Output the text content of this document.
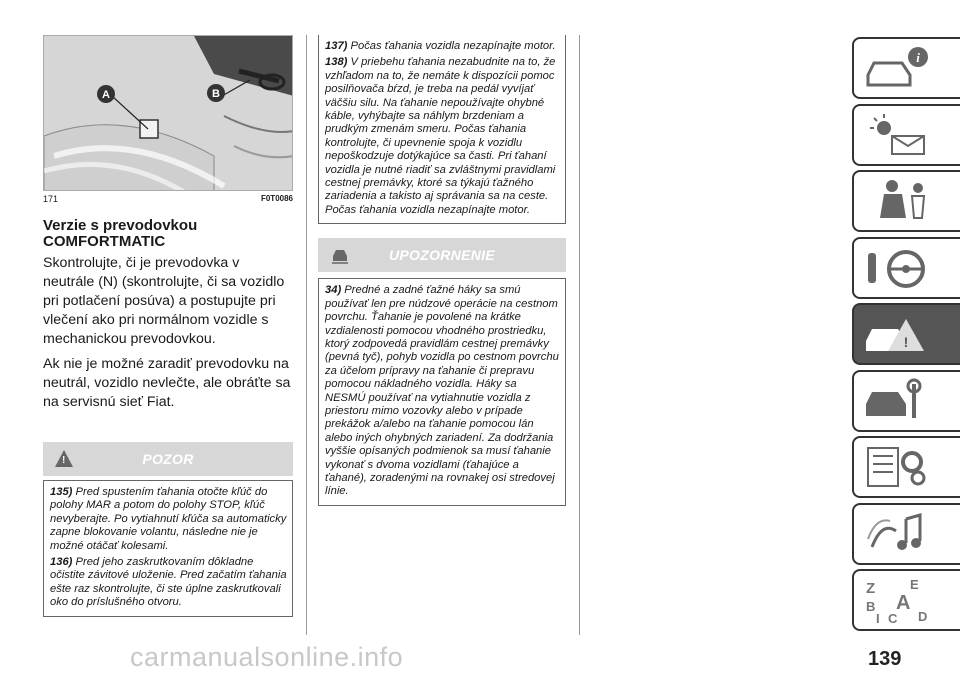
A	B
171	F0T0086
Verzie s prevodovkou
COMFORTMATIC

Skontrolujte, či je prevodovka v neutrále (N) (skontrolujte, či sa vozidlo pri potlačení posúva) a postupujte pri vlečení ako pri normálnom vozidle s mechanickou prevodovkou.

Ak nie je možné zaradiť prevodovku na neutrál, vozidlo nevlečte, ale obráťte sa na servisnú sieť Fiat.

!	POZOR

135) Pred spustením ťahania otočte kľúč do polohy MAR a potom do polohy STOP, kľúč nevyberajte. Po vytiahnutí kľúča sa automaticky zapne blokovanie volantu, následne nie je možné otáčať kolesami.

136) Pred jeho zaskrutkovaním dôkladne očistite závitové uloženie. Pred začatím ťahania ešte raz skontrolujte, či ste úplne zaskrutkovali oko do príslušného otvoru.

137) Počas ťahania vozidla nezapínajte motor.

138) V priebehu ťahania nezabudnite na to, že vzhľadom na to, že nemáte k dispozícii pomoc posilňovača bŕzd, je treba na pedál vyvíjať väčšiu silu. Na ťahanie nepoužívajte ohybné káble, vyhýbajte sa náhlym brzdeniam a prudkým zmenám smeru. Počas ťahania kontrolujte, či upevnenie spoja k vozidlu nepoškodzuje dotýkajúce sa časti. Pri ťahaní vozidla je nutné riadiť sa zvláštnymi pravidlami cestnej premávky, ktoré sa týkajú ťažného zariadenia a takisto aj správania sa na ceste. Počas ťahania vozidla nezapínajte motor.

UPOZORNENIE

34) Predné a zadné ťažné háky sa smú používať len pre núdzové operácie na cestnom povrchu. Ťahanie je povolené na krátke vzdialenosti pomocou vhodného prostriedku, ktorý zodpovedá pravidlám cestnej premávky (pevná tyč), pohyb vozidla po cestnom povrchu za účelom prípravy na ťahanie či prepravu pomocou nákladného vozidla. Háky sa NESMÚ používať na vytiahnutie vozidla z priestoru mimo vozovky alebo v prípade prekážok a/alebo na ťahanie pomocou lán alebo iných ohybných zariadení. Za dodržania vyššie opísaných podmienok sa musí ťahanie vykonať s dvoma vozidlami (ťahajúce a ťahané), zoradenými na rovnakej osi stredovej línie.

i
!
Z	E
B A
I C D
139
carmanualsonline.info
